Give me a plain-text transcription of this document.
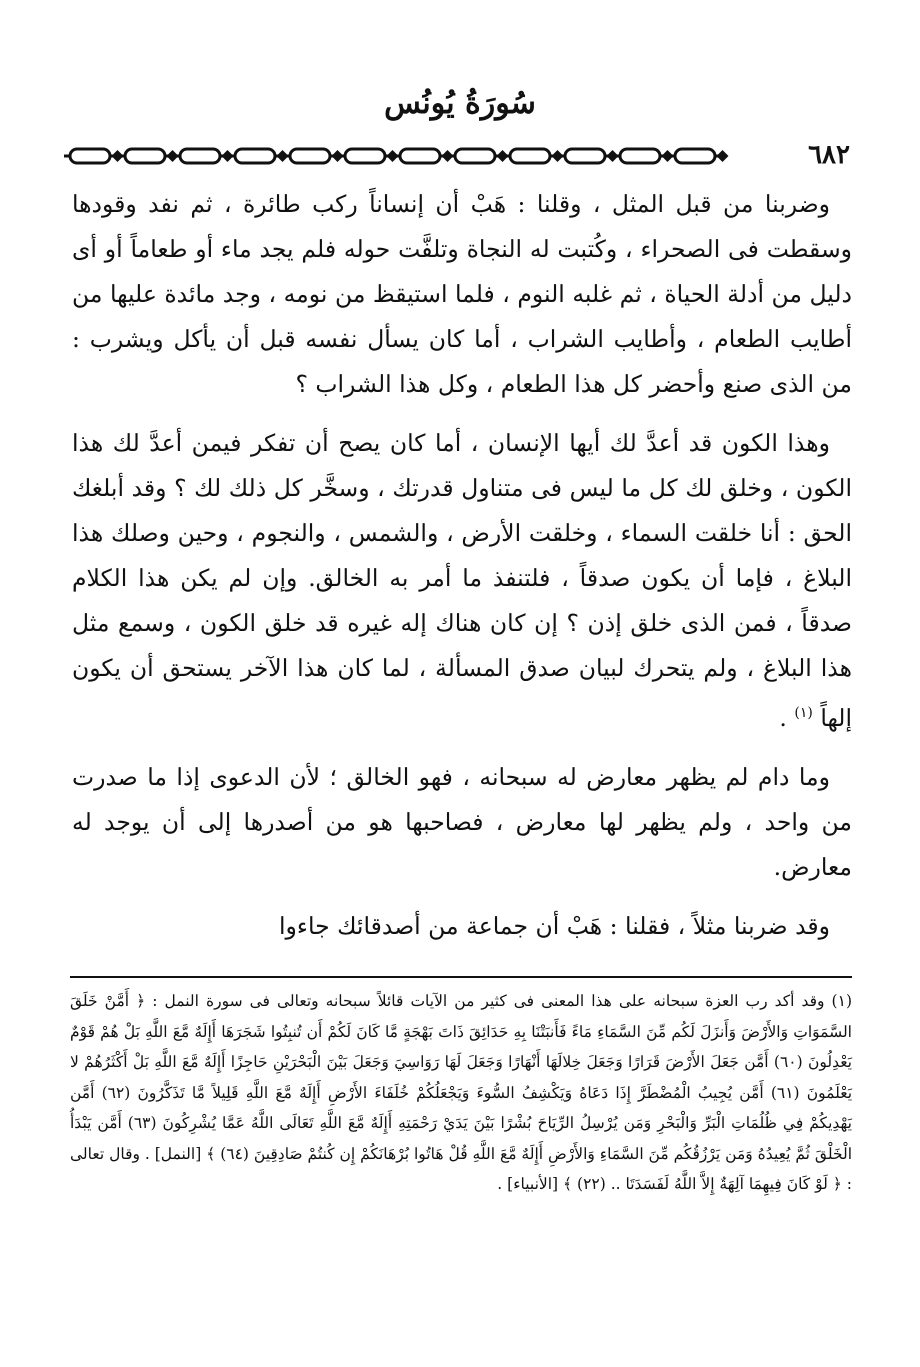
سُورَةُ يُونُس
٦٨٢

وضربنا من قبل المثل ، وقلنا : هَبْ أن إنساناً ركب طائرة ، ثم نفد وقودها وسقطت فى الصحراء ، وكُتبت له النجاة وتلفَّت حوله فلم يجد ماء أو طعاماً أو أى دليل من أدلة الحياة ، ثم غلبه النوم ، فلما استيقظ من نومه ، وجد مائدة عليها من أطايب الطعام ، وأطايب الشراب ، أما كان يسأل نفسه قبل أن يأكل ويشرب : من الذى صنع وأحضر كل هذا الطعام ، وكل هذا الشراب ؟

وهذا الكون قد أعدَّ لك أيها الإنسان ، أما كان يصح أن تفكر فيمن أعدَّ لك هذا الكون ، وخلق لك كل ما ليس فى متناول قدرتك ، وسخَّر كل ذلك لك ؟ وقد أبلغك الحق : أنا خلقت السماء ، وخلقت الأرض ، والشمس ، والنجوم ، وحين وصلك هذا البلاغ ، فإما أن يكون صدقاً ، فلتنفذ ما أمر به الخالق. وإن لم يكن هذا الكلام صدقاً ، فمن الذى خلق إذن ؟ إن كان هناك إله غيره قد خلق الكون ، وسمع مثل هذا البلاغ ، ولم يتحرك لبيان صدق المسألة ، لما كان هذا الآخر يستحق أن يكون إلهاً $^{(١)}$ .

وما دام لم يظهر معارض له سبحانه ، فهو الخالق ؛ لأن الدعوى إذا ما صدرت من واحد ، ولم يظهر لها معارض ، فصاحبها هو من أصدرها إلى أن يوجد له معارض.

وقد ضربنا مثلاً ، فقلنا : هَبْ أن جماعة من أصدقائك جاءوا

(١) وقد أكد رب العزة سبحانه على هذا المعنى فى كثير من الآيات قائلاً سبحانه وتعالى فى سورة النمل : ﴿ أَمَّنْ خَلَقَ السَّمَوَاتِ وَالأَرْضَ وَأَنزَلَ لَكُم مِّنَ السَّمَاءِ مَاءً فَأَنبَتْنَا بِهِ حَدَائِقَ ذَاتَ بَهْجَةٍ مَّا كَانَ لَكُمْ أَن تُنبِتُوا شَجَرَهَا أَإِلَهٌ مَّعَ اللَّهِ بَلْ هُمْ قَوْمٌ يَعْدِلُونَ (٦٠) أَمَّن جَعَلَ الأَرْضَ قَرَارًا وَجَعَلَ خِلالَهَا أَنْهَارًا وَجَعَلَ لَهَا رَوَاسِيَ وَجَعَلَ بَيْنَ الْبَحْرَيْنِ حَاجِزًا أَإِلَهٌ مَّعَ اللَّهِ بَلْ أَكْثَرُهُمْ لا يَعْلَمُونَ (٦١) أَمَّن يُجِيبُ الْمُضْطَرَّ إِذَا دَعَاهُ وَيَكْشِفُ السُّوءَ وَيَجْعَلُكُمْ خُلَفَاءَ الأَرْضِ أَإِلَهٌ مَّعَ اللَّهِ قَلِيلاً مَّا تَذَكَّرُونَ (٦٢) أَمَّن يَهْدِيكُمْ فِي ظُلُمَاتِ الْبَرِّ وَالْبَحْرِ وَمَن يُرْسِلُ الرِّيَاحَ بُشْرًا بَيْنَ يَدَيْ رَحْمَتِهِ أَإِلَهٌ مَّعَ اللَّهِ تَعَالَى اللَّهُ عَمَّا يُشْرِكُونَ (٦٣) أَمَّن يَبْدَأُ الْخَلْقَ ثُمَّ يُعِيدُهُ وَمَن يَرْزُقُكُم مِّنَ السَّمَاءِ وَالأَرْضِ أَإِلَهٌ مَّعَ اللَّهِ قُلْ هَاتُوا بُرْهَانَكُمْ إِن كُنتُمْ صَادِقِينَ (٦٤) ﴾ [النمل] . وقال تعالى : ﴿ لَوْ كَانَ فِيهِمَا آلِهَةٌ إِلاَّ اللَّهُ لَفَسَدَتَا .. (٢٢) ﴾ [الأنبياء] .
